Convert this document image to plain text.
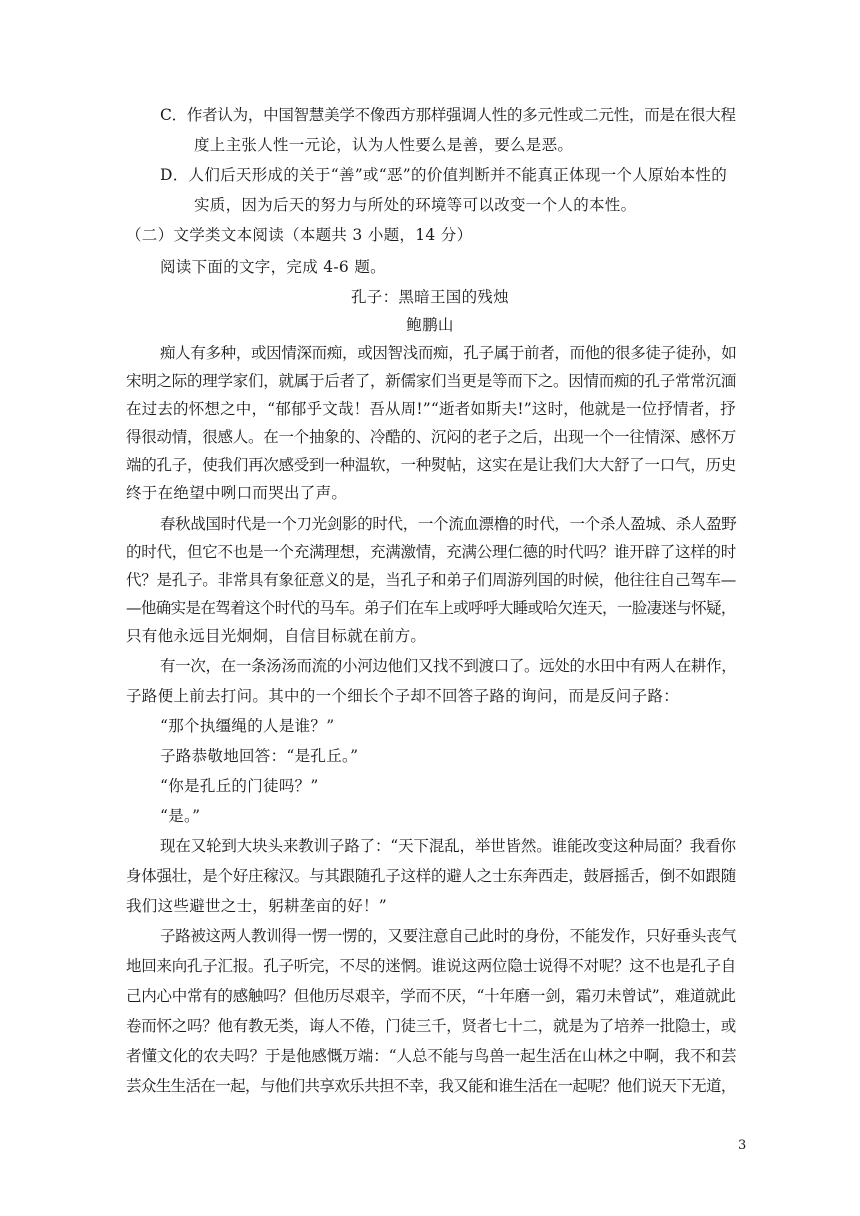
C．作者认为，中国智慧美学不像西方那样强调人性的多元性或二元性，而是在很大程
度上主张人性一元论，认为人性要么是善，要么是恶。
D．人们后天形成的关于“善”或“恶”的价值判断并不能真正体现一个人原始本性的
实质，因为后天的努力与所处的环境等可以改变一个人的本性。
（二）文学类文本阅读（本题共 3 小题，14 分）
阅读下面的文字，完成 4-6 题。
孔子：黑暗王国的残烛
鲍鹏山
痴人有多种，或因情深而痴，或因智浅而痴，孔子属于前者，而他的很多徒子徒孙，如
宋明之际的理学家们，就属于后者了，新儒家们当更是等而下之。因情而痴的孔子常常沉湎
在过去的怀想之中，“郁郁乎文哉！吾从周!”“逝者如斯夫!”这时，他就是一位抒情者，抒
得很动情，很感人。在一个抽象的、冷酷的、沉闷的老子之后，出现一个一往情深、感怀万
端的孔子，使我们再次感受到一种温软，一种熨帖，这实在是让我们大大舒了一口气，历史
终于在绝望中咧口而哭出了声。
春秋战国时代是一个刀光剑影的时代，一个流血漂橹的时代，一个杀人盈城、杀人盈野
的时代，但它不也是一个充满理想，充满激情，充满公理仁德的时代吗？谁开辟了这样的时
代？是孔子。非常具有象征意义的是，当孔子和弟子们周游列国的时候，他往往自己驾车—
—他确实是在驾着这个时代的马车。弟子们在车上或呼呼大睡或哈欠连天，一脸凄迷与怀疑，
只有他永远目光炯炯，自信目标就在前方。
有一次，在一条汤汤而流的小河边他们又找不到渡口了。远处的水田中有两人在耕作，
子路便上前去打问。其中的一个细长个子却不回答子路的询问，而是反问子路：
“那个执缰绳的人是谁？”
子路恭敬地回答：“是孔丘。”
“你是孔丘的门徒吗？”
“是。”
现在又轮到大块头来教训子路了：“天下混乱，举世皆然。谁能改变这种局面？我看你
身体强壮，是个好庄稼汉。与其跟随孔子这样的避人之士东奔西走，鼓唇摇舌，倒不如跟随
我们这些避世之士，躬耕垄亩的好！”
子路被这两人教训得一愣一愣的，又要注意自己此时的身份，不能发作，只好垂头丧气
地回来向孔子汇报。孔子听完，不尽的迷惘。谁说这两位隐士说得不对呢？这不也是孔子自
己内心中常有的感触吗？但他历尽艰辛，学而不厌，“十年磨一剑，霜刃未曾试”，难道就此
卷而怀之吗？他有教无类，诲人不倦，门徒三千，贤者七十二，就是为了培养一批隐士，或
者懂文化的农夫吗？于是他感慨万端：“人总不能与鸟兽一起生活在山林之中啊，我不和芸
芸众生生活在一起，与他们共享欢乐共担不幸，我又能和谁生活在一起呢？他们说天下无道，
3
